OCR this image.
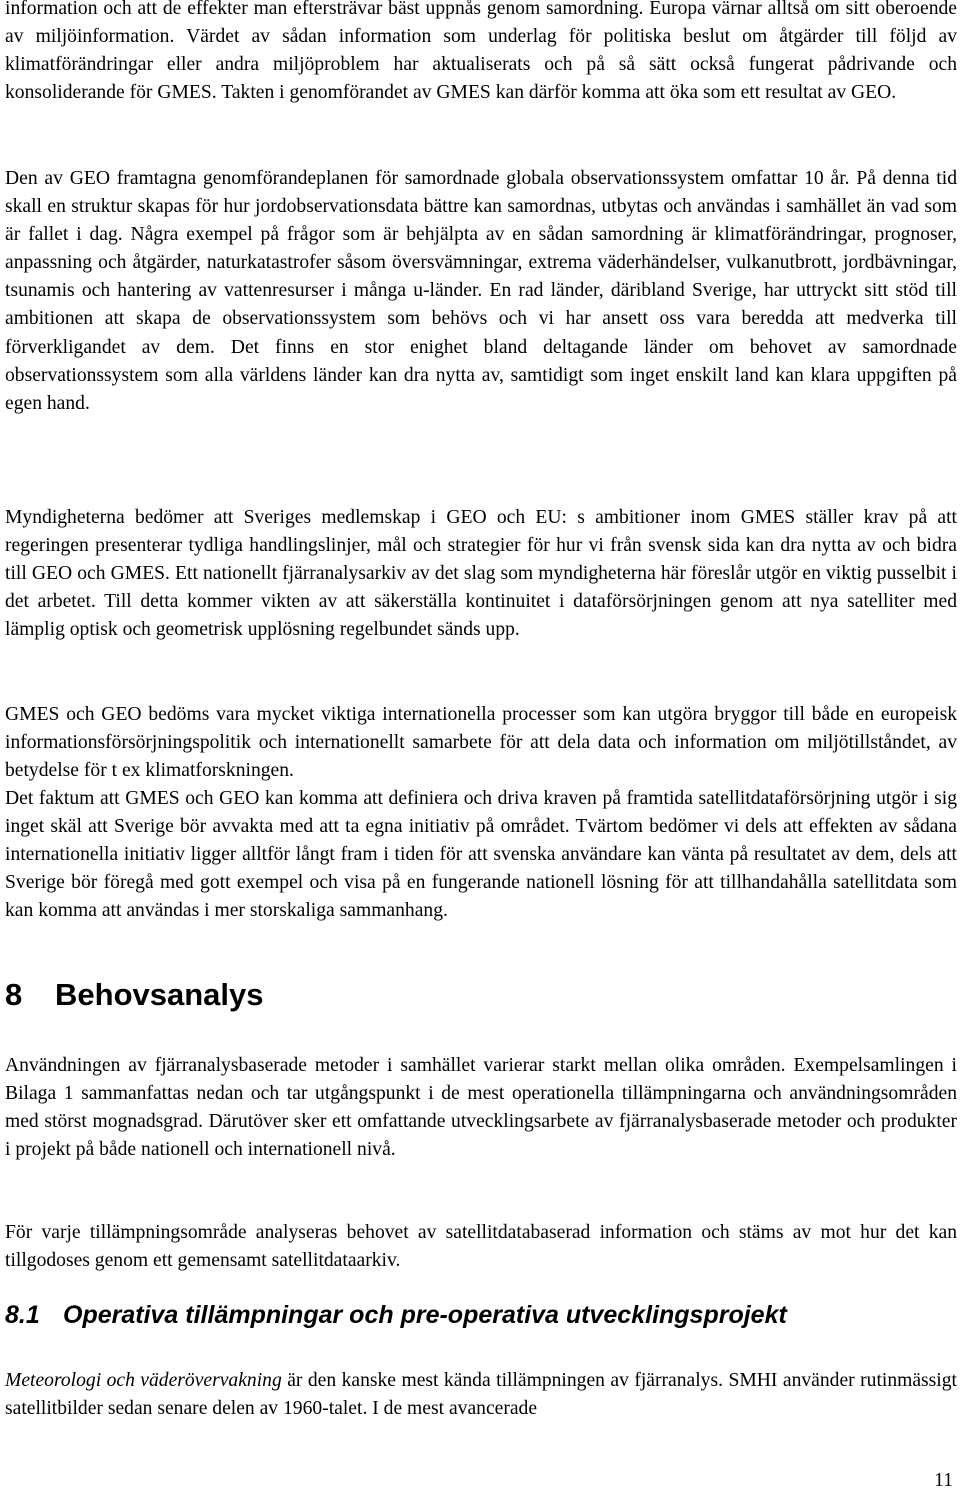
information och att de effekter man eftersträvar bäst uppnås genom samordning. Europa värnar alltså om sitt oberoende av miljöinformation. Värdet av sådan information som underlag för politiska beslut om åtgärder till följd av klimatförändringar eller andra miljöproblem har aktualiserats och på så sätt också fungerat pådrivande och konsoliderande för GMES. Takten i genomförandet av GMES kan därför komma att öka som ett resultat av GEO.

Den av GEO framtagna genomförandeplanen för samordnade globala observationssystem omfattar 10 år. På denna tid skall en struktur skapas för hur jordobservationsdata bättre kan samordnas, utbytas och användas i samhället än vad som är fallet i dag. Några exempel på frågor som är behjälpta av en sådan samordning är klimatförändringar, prognoser, anpassning och åtgärder, naturkatastrofer såsom översvämningar, extrema väderhändelser, vulkanutbrott, jordbävningar, tsunamis och hantering av vattenresurser i många u-länder. En rad länder, däribland Sverige, har uttryckt sitt stöd till ambitionen att skapa de observationssystem som behövs och vi har ansett oss vara beredda att medverka till förverkligandet av dem. Det finns en stor enighet bland deltagande länder om behovet av samordnade observationssystem som alla världens länder kan dra nytta av, samtidigt som inget enskilt land kan klara uppgiften på egen hand.

Myndigheterna bedömer att Sveriges medlemskap i GEO och EU: s ambitioner inom GMES ställer krav på att regeringen presenterar tydliga handlingslinjer, mål och strategier för hur vi från svensk sida kan dra nytta av och bidra till GEO och GMES. Ett nationellt fjärranalysarkiv av det slag som myndigheterna här föreslår utgör en viktig pusselbit i det arbetet. Till detta kommer vikten av att säkerställa kontinuitet i dataförsörjningen genom att nya satelliter med lämplig optisk och geometrisk upplösning regelbundet sänds upp.

GMES och GEO bedöms vara mycket viktiga internationella processer som kan utgöra bryggor till både en europeisk informationsförsörjningspolitik och internationellt samarbete för att dela data och information om miljötillståndet, av betydelse för t ex klimatforskningen.

Det faktum att GMES och GEO kan komma att definiera och driva kraven på framtida satellitdataförsörjning utgör i sig inget skäl att Sverige bör avvakta med att ta egna initiativ på området. Tvärtom bedömer vi dels att effekten av sådana internationella initiativ ligger alltför långt fram i tiden för att svenska användare kan vänta på resultatet av dem, dels att Sverige bör föregå med gott exempel och visa på en fungerande nationell lösning för att tillhandahålla satellitdata som kan komma att användas i mer storskaliga sammanhang.

8 Behovsanalys

Användningen av fjärranalysbaserade metoder i samhället varierar starkt mellan olika områden. Exempelsamlingen i Bilaga 1 sammanfattas nedan och tar utgångspunkt i de mest operationella tillämpningarna och användningsområden med störst mognadsgrad. Därutöver sker ett omfattande utvecklingsarbete av fjärranalysbaserade metoder och produkter i projekt på både nationell och internationell nivå.

För varje tillämpningsområde analyseras behovet av satellitdatabaserad information och stäms av mot hur det kan tillgodoses genom ett gemensamt satellitdataarkiv.

8.1 Operativa tillämpningar och pre-operativa utvecklingsprojekt

Meteorologi och väderövervakning är den kanske mest kända tillämpningen av fjärranalys. SMHI använder rutinmässigt satellitbilder sedan senare delen av 1960-talet. I de mest avancerade

11
